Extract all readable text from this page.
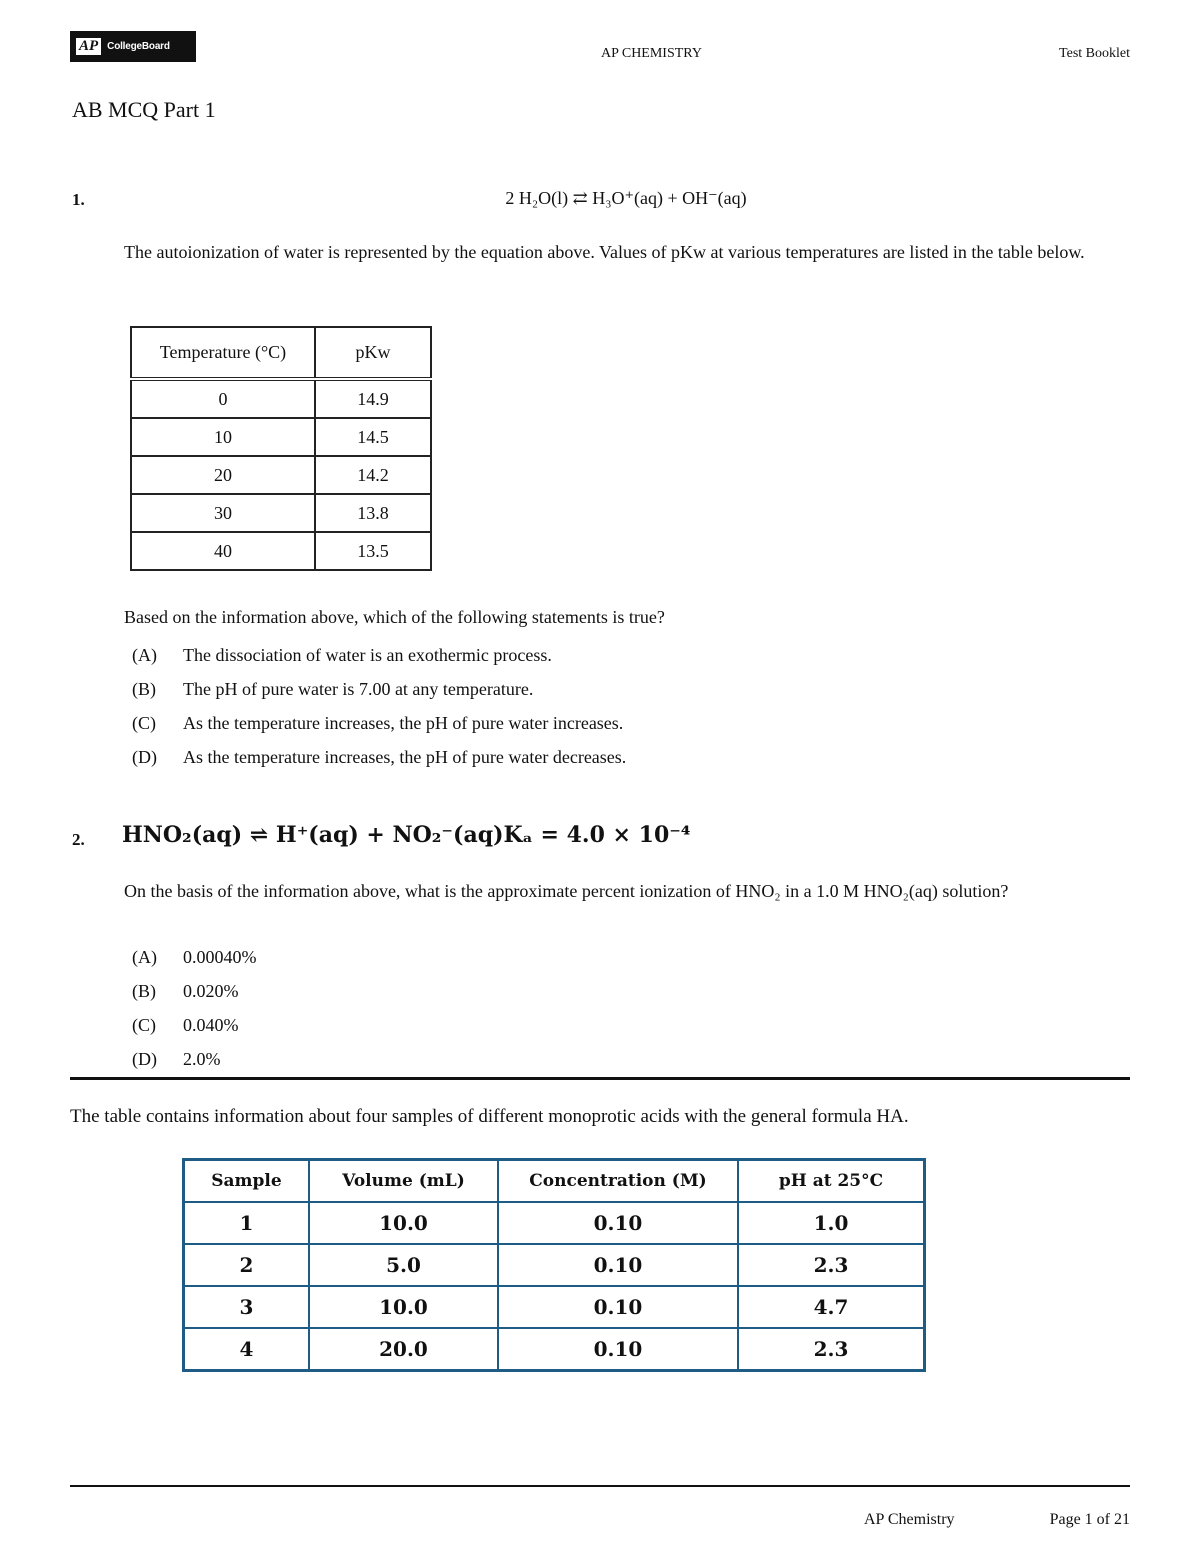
AP CollegeBoard	AP CHEMISTRY	Test Booklet
AB MCQ Part 1
1.	2 H₂O(l) ⇄ H₃O⁺(aq) + OH⁻(aq)
The autoionization of water is represented by the equation above. Values of pKw at various temperatures are listed in the table below.
Temperature (°C)	pKw
0	14.9
10	14.5
20	14.2
30	13.8
40	13.5
Based on the information above, which of the following statements is true?
(A)	The dissociation of water is an exothermic process.
(B)	The pH of pure water is 7.00 at any temperature.
(C)	As the temperature increases, the pH of pure water increases.
(D)	As the temperature increases, the pH of pure water decreases.
2. HNO₂(aq) ⇌ H⁺(aq) + NO₂⁻(aq)Kₐ = 4.0 × 10⁻⁴
On the basis of the information above, what is the approximate percent ionization of HNO₂ in a 1.0 M HNO₂(aq) solution?
(A)	0.00040%
(B)	0.020%
(C)	0.040%
(D)	2.0%
The table contains information about four samples of different monoprotic acids with the general formula HA.
Sample	Volume (mL)	Concentration (M)	pH at 25°C
1	10.0	0.10	1.0
2	5.0	0.10	2.3
3	10.0	0.10	4.7
4	20.0	0.10	2.3
AP Chemistry	Page 1 of 21
